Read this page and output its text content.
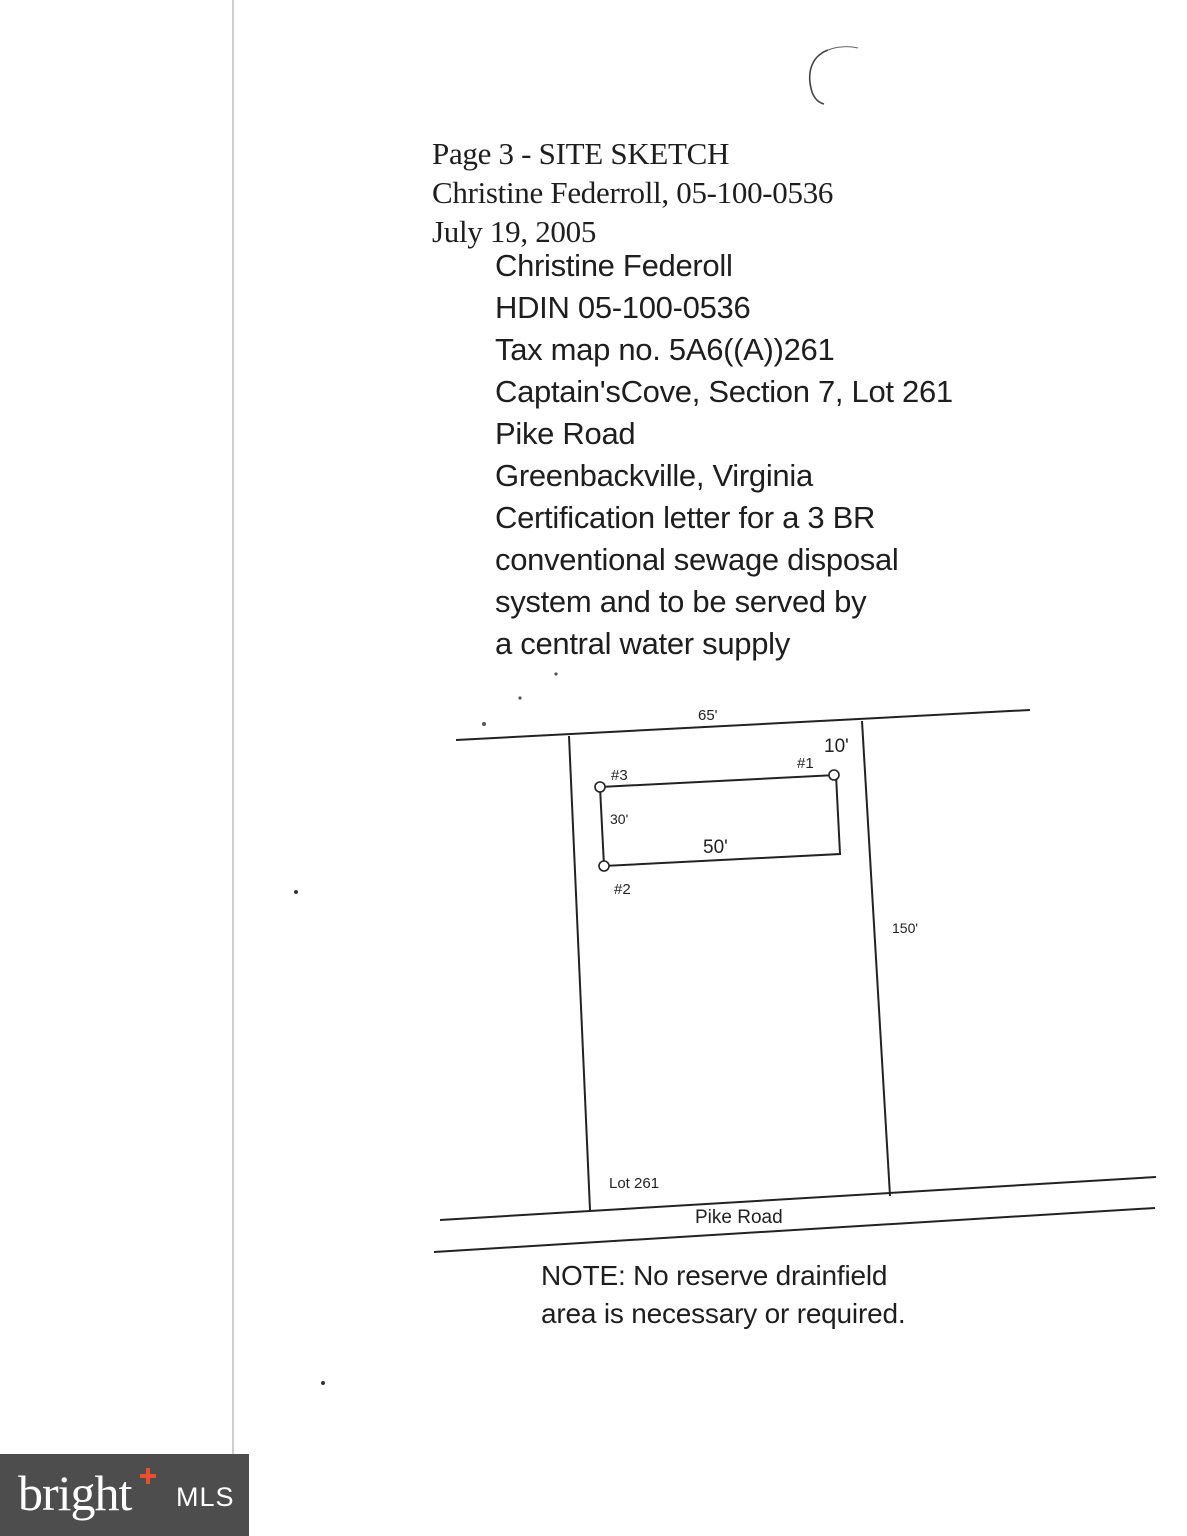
Page 3 - SITE SKETCH
Christine Federroll, 05-100-0536
July 19, 2005
Christine Federoll
HDIN 05-100-0536
Tax map no. 5A6((A))261
Captain'sCove, Section 7, Lot 261
Pike Road
Greenbackville, Virginia
Certification letter for a 3 BR
conventional sewage disposal
system and to be served by
a central water supply
65'
10'
#1
#3
30'
50'
#2
150'
Lot 261
Pike Road
NOTE: No reserve drainfield
area is necessary or required.
bright MLS
